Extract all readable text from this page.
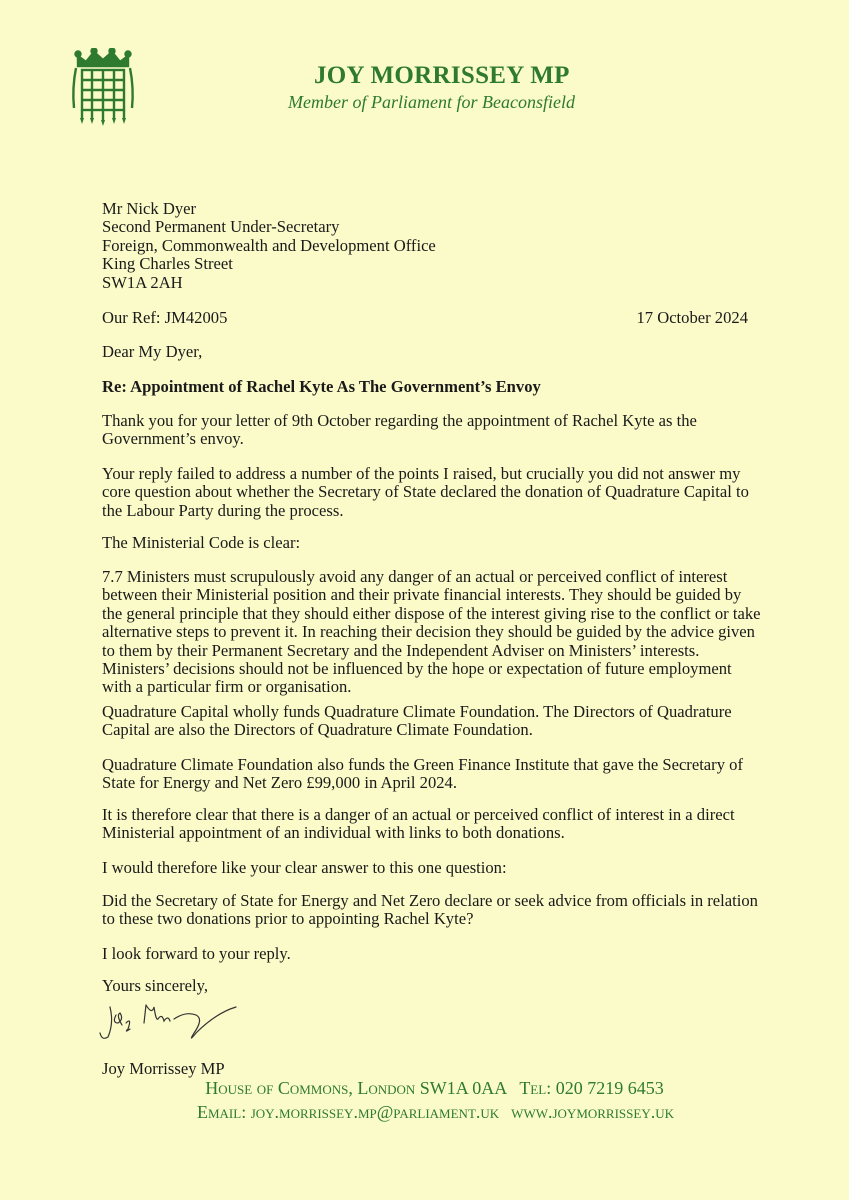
JOY MORRISSEY MP
Member of Parliament for Beaconsfield
Mr Nick Dyer
Second Permanent Under-Secretary
Foreign, Commonwealth and Development Office
King Charles Street
SW1A 2AH
Our Ref: JM42005	17 October 2024
Dear My Dyer,
Re: Appointment of Rachel Kyte As The Government’s Envoy
Thank you for your letter of 9th October regarding the appointment of Rachel Kyte as the Government’s envoy.
Your reply failed to address a number of the points I raised, but crucially you did not answer my core question about whether the Secretary of State declared the donation of Quadrature Capital to the Labour Party during the process.
The Ministerial Code is clear:
7.7 Ministers must scrupulously avoid any danger of an actual or perceived conflict of interest between their Ministerial position and their private financial interests. They should be guided by the general principle that they should either dispose of the interest giving rise to the conflict or take alternative steps to prevent it. In reaching their decision they should be guided by the advice given to them by their Permanent Secretary and the Independent Adviser on Ministers’ interests. Ministers’ decisions should not be influenced by the hope or expectation of future employment with a particular firm or organisation.
Quadrature Capital wholly funds Quadrature Climate Foundation. The Directors of Quadrature Capital are also the Directors of Quadrature Climate Foundation.
Quadrature Climate Foundation also funds the Green Finance Institute that gave the Secretary of State for Energy and Net Zero £99,000 in April 2024.
It is therefore clear that there is a danger of an actual or perceived conflict of interest in a direct Ministerial appointment of an individual with links to both donations.
I would therefore like your clear answer to this one question:
Did the Secretary of State for Energy and Net Zero declare or seek advice from officials in relation to these two donations prior to appointing Rachel Kyte?
I look forward to your reply.
Yours sincerely,
Joy Morrissey MP
House of Commons, London SW1A 0AA Tel: 020 7219 6453
Email: joy.morrissey.mp@parliament.uk www.joymorrissey.uk
